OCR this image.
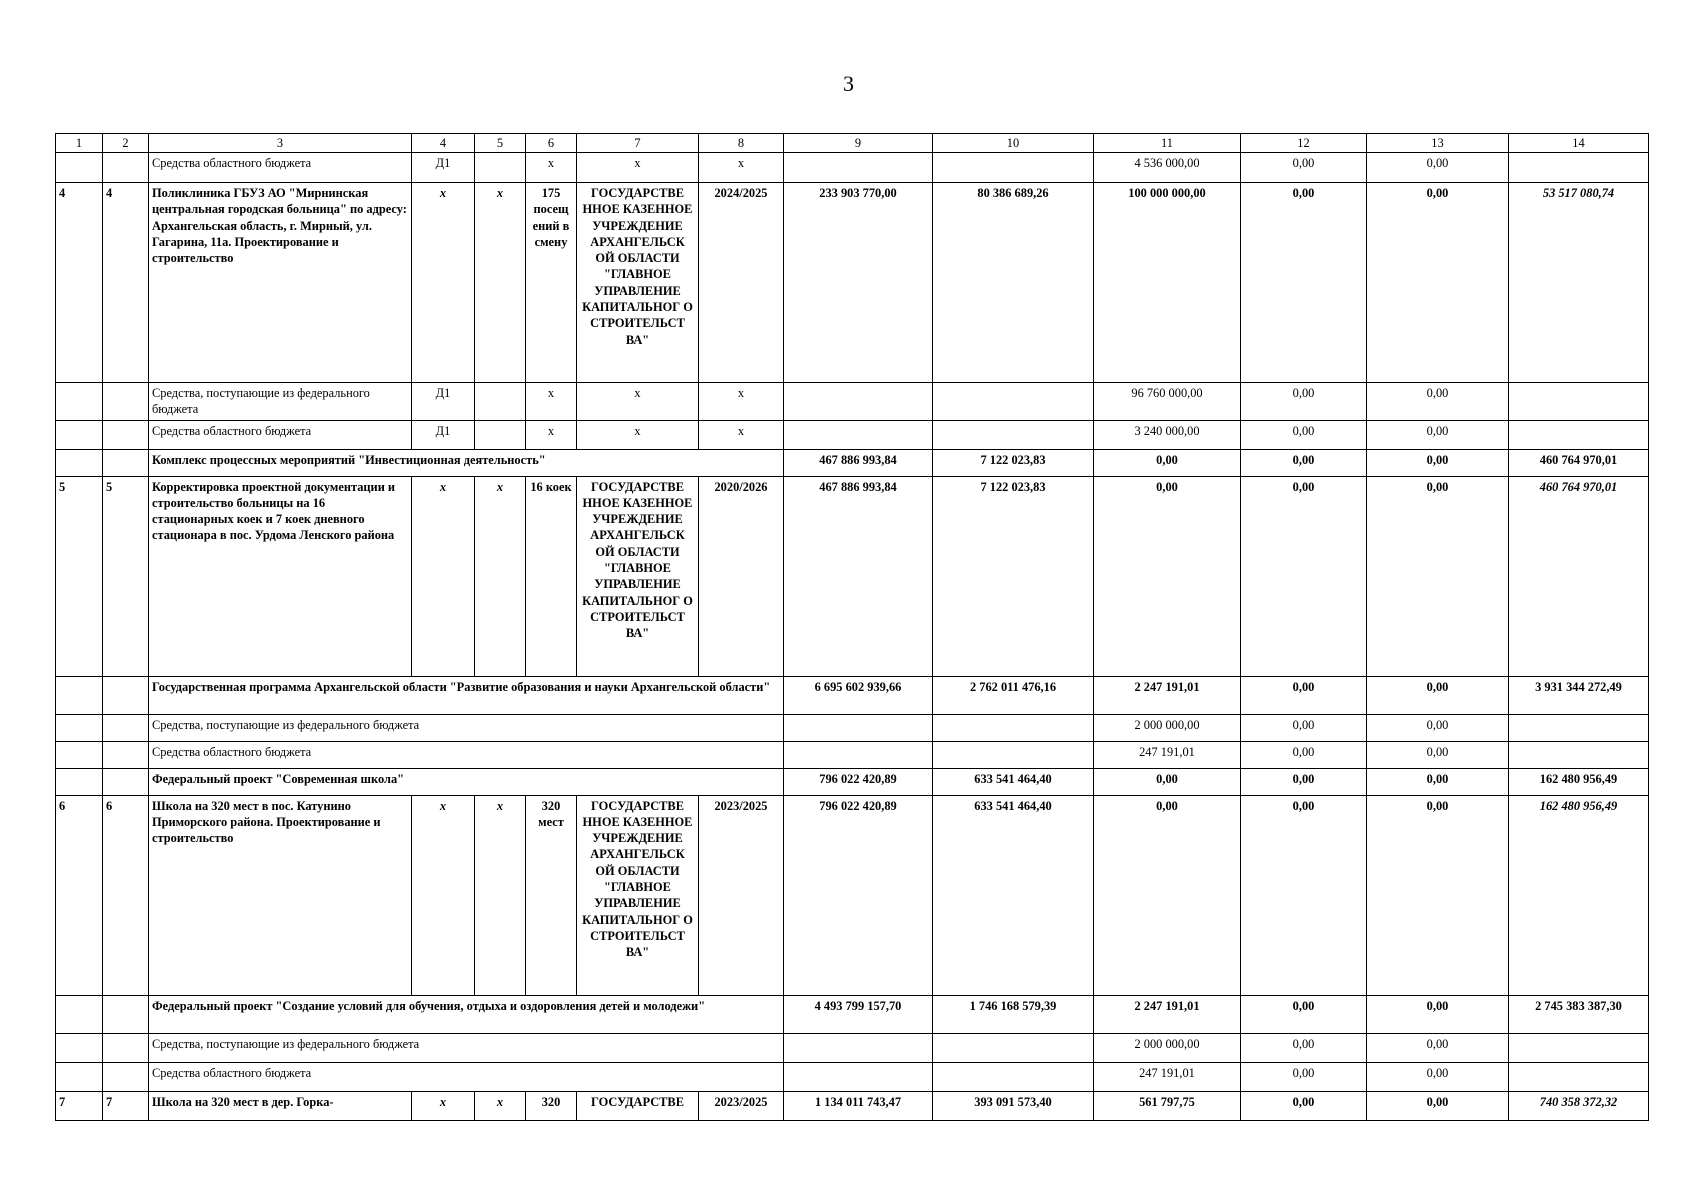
3
1	2	3	4	5	6	7	8	9	10	11	12	13	14
		Средства областного бюджета	Д1		x	x	x			4 536 000,00	0,00	0,00	
4	4	Поликлиника ГБУЗ АО "Мирнинская центральная городская больница" по адресу: Архангельская область, г. Мирный, ул. Гагарина, 11а. Проектирование и строительство	x	x	175 посещ ений в смену	ГОСУДАРСТВЕ ННОЕ КАЗЕННОЕ УЧРЕЖДЕНИЕ АРХАНГЕЛЬСК ОЙ ОБЛАСТИ "ГЛАВНОЕ УПРАВЛЕНИЕ КАПИТАЛЬНОГ О СТРОИТЕЛЬСТ ВА"	2024/2025	233 903 770,00	80 386 689,26	100 000 000,00	0,00	0,00	53 517 080,74
		Средства, поступающие из федерального бюджета	Д1		x	x	x			96 760 000,00	0,00	0,00	
		Средства областного бюджета	Д1		x	x	x			3 240 000,00	0,00	0,00	
		Комплекс процессных мероприятий "Инвестиционная деятельность"						467 886 993,84	7 122 023,83	0,00	0,00	0,00	460 764 970,01
5	5	Корректировка проектной документации и строительство больницы на 16 стационарных коек и 7 коек дневного стационара в пос. Урдома Ленского района	x	x	16 коек	ГОСУДАРСТВЕ ННОЕ КАЗЕННОЕ УЧРЕЖДЕНИЕ АРХАНГЕЛЬСК ОЙ ОБЛАСТИ "ГЛАВНОЕ УПРАВЛЕНИЕ КАПИТАЛЬНОГ О СТРОИТЕЛЬСТ ВА"	2020/2026	467 886 993,84	7 122 023,83	0,00	0,00	0,00	460 764 970,01
		Государственная программа Архангельской области "Развитие образования и науки Архангельской области"						6 695 602 939,66	2 762 011 476,16	2 247 191,01	0,00	0,00	3 931 344 272,49
		Средства, поступающие из федерального бюджета								2 000 000,00	0,00	0,00	
		Средства областного бюджета								247 191,01	0,00	0,00	
		Федеральный проект "Современная школа"						796 022 420,89	633 541 464,40	0,00	0,00	0,00	162 480 956,49
6	6	Школа на 320 мест в пос. Катунино Приморского района. Проектирование и строительство	x	x	320 мест	ГОСУДАРСТВЕ ННОЕ КАЗЕННОЕ УЧРЕЖДЕНИЕ АРХАНГЕЛЬСК ОЙ ОБЛАСТИ "ГЛАВНОЕ УПРАВЛЕНИЕ КАПИТАЛЬНОГ О СТРОИТЕЛЬСТ ВА"	2023/2025	796 022 420,89	633 541 464,40	0,00	0,00	0,00	162 480 956,49
		Федеральный проект "Создание условий для обучения, отдыха и оздоровления детей и молодежи"						4 493 799 157,70	1 746 168 579,39	2 247 191,01	0,00	0,00	2 745 383 387,30
		Средства, поступающие из федерального бюджета								2 000 000,00	0,00	0,00	
		Средства областного бюджета								247 191,01	0,00	0,00	
7	7	Школа на 320 мест в дер. Горка-	x	x	320	ГОСУДАРСТВЕ	2023/2025	1 134 011 743,47	393 091 573,40	561 797,75	0,00	0,00	740 358 372,32
